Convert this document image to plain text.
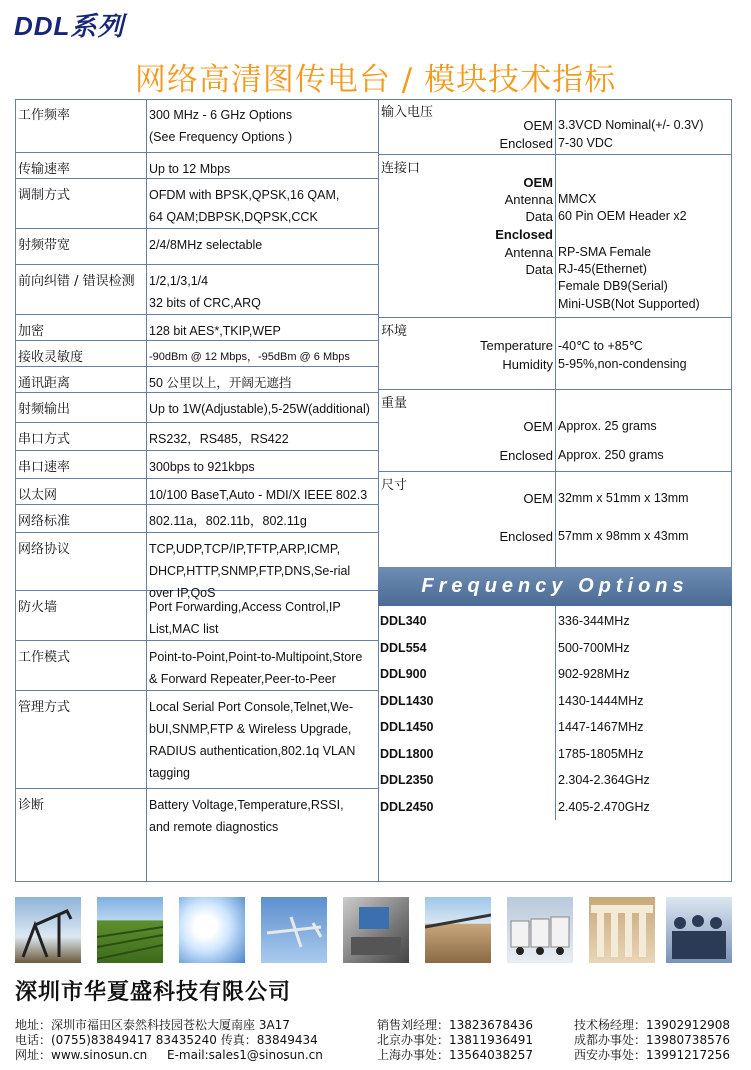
DDL系列
网络高清图传电台 / 模块技术指标
工作频率	300 MHz - 6 GHz Options
(See Frequency Options )
传输速率	Up to 12 Mbps
调制方式	OFDM with BPSK,QPSK,16 QAM,
64 QAM;DBPSK,DQPSK,CCK
射频带宽	2/4/8MHz selectable
前向纠错 / 错误检测 1/2,1/3,1/4
32 bits of CRC,ARQ
加密	128 bit AES*,TKIP,WEP
接收灵敏度	-90dBm @ 12 Mbps，-95dBm @ 6 Mbps
通讯距离	50 公里以上，开阔无遮挡
射频输出	Up to 1W(Adjustable),5-25W(additional)
串口方式	RS232，RS485，RS422
串口速率	300bps to 921kbps
以太网	10/100 BaseT,Auto - MDI/X IEEE 802.3
网络标准	802.11a，802.11b，802.11g
网络协议	TCP,UDP,TCP/IP,TFTP,ARP,ICMP,
DHCP,HTTP,SNMP,FTP,DNS,Se-rial
over IP,QoS
防火墙	Port Forwarding,Access Control,IP
List,MAC list
工作模式	Point-to-Point,Point-to-Multipoint,Store
& Forward Repeater,Peer-to-Peer
管理方式	Local Serial Port Console,Telnet,We-
bUI,SNMP,FTP & Wireless Upgrade,
RADIUS authentication,802.1q VLAN
tagging
诊断	Battery Voltage,Temperature,RSSI,
and remote diagnostics
输入电压
OEM 3.3VCD Nominal(+/- 0.3V)
Enclosed 7-30 VDC
连接口
OEM
Antenna MMCX
Data 60 Pin OEM Header x2
Enclosed
Antenna RP-SMA Female
Data RJ-45(Ethernet)
Female DB9(Serial)
Mini-USB(Not Supported)
环境
Temperature -40℃ to +85℃
Humidity 5-95%,non-condensing
重量
OEM Approx. 25 grams
Enclosed Approx. 250 grams
尺寸
OEM 32mm x 51mm x 13mm
Enclosed 57mm x 98mm x 43mm
Frequency Options
DDL340	336-344MHz
DDL554	500-700MHz
DDL900	902-928MHz
DDL1430	1430-1444MHz
DDL1450	1447-1467MHz
DDL1800	1785-1805MHz
DDL2350	2.304-2.364GHz
DDL2450	2.405-2.470GHz
深圳市华夏盛科技有限公司
地址：深圳市福田区泰然科技园苍松大厦南座 3A17
电话：(0755)83849417 83435240 传真：83849434
网址：www.sinosun.cn E-mail:sales1@sinosun.cn
销售刘经理：13823678436
北京办事处：13811936491
上海办事处：13564038257
技术杨经理：13902912908
成都办事处：13980738576
西安办事处：13991217256
